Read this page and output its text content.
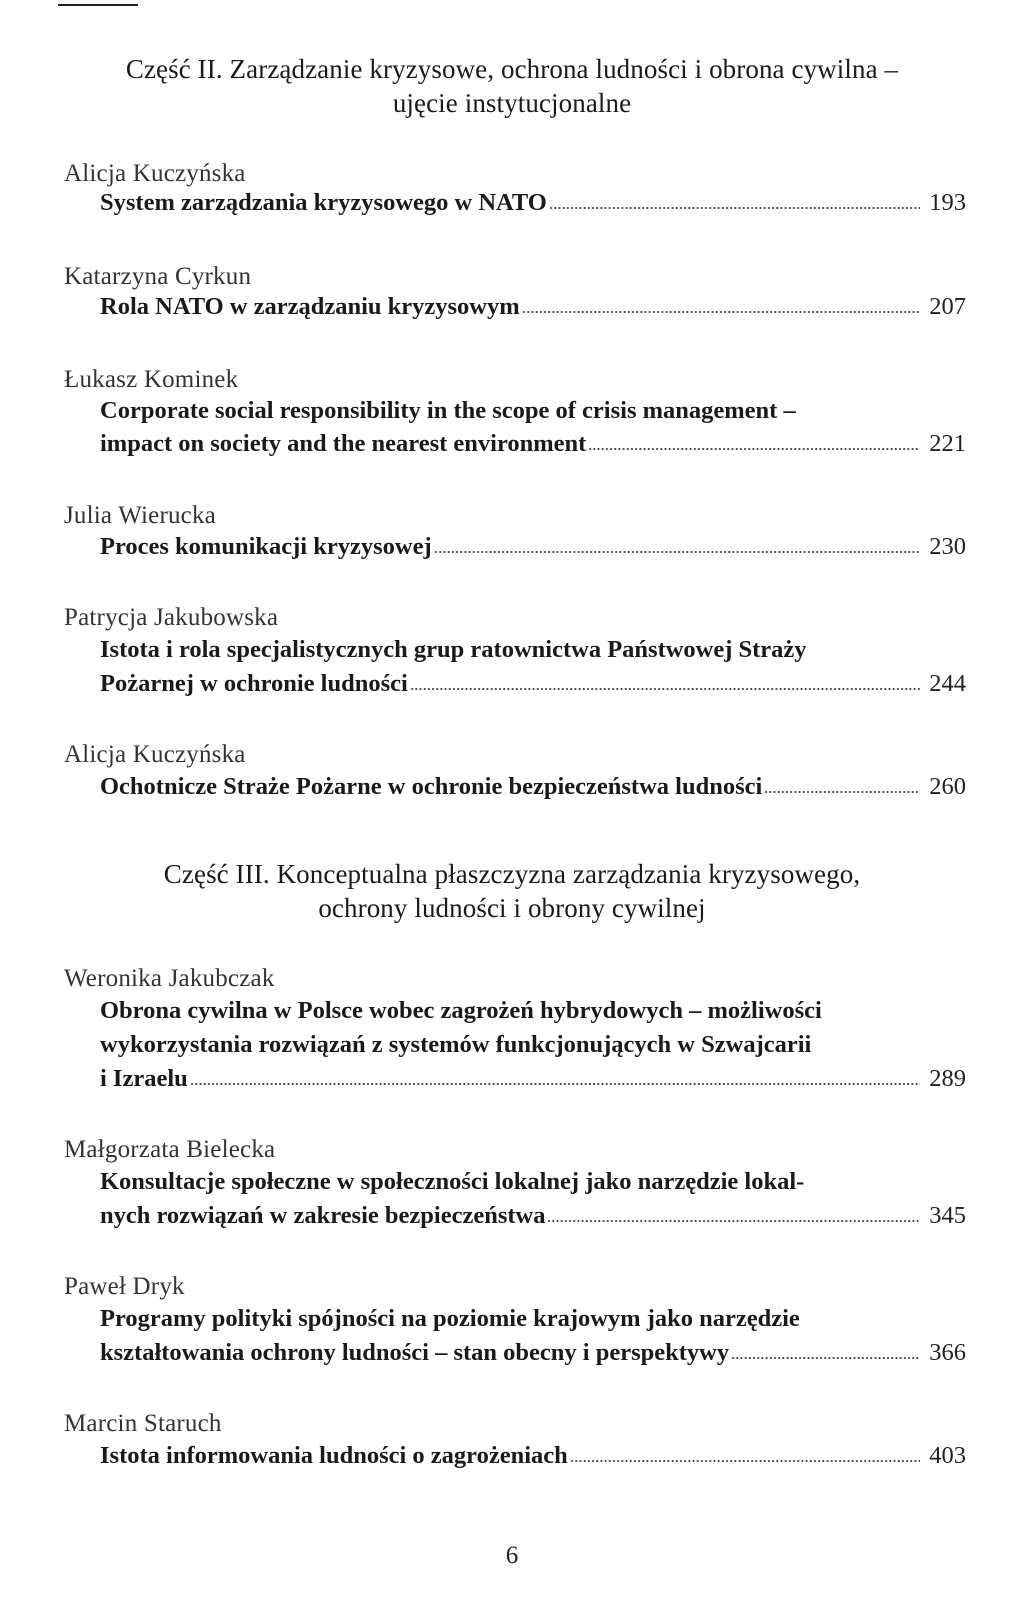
Część II. Zarządzanie kryzysowe, ochrona ludności i obrona cywilna –
ujęcie instytucjonalne
Alicja Kuczyńska
System zarządzania kryzysowego w NATO	193
Katarzyna Cyrkun
Rola NATO w zarządzaniu kryzysowym	207
Łukasz Kominek
Corporate social responsibility in the scope of crisis management –
impact on society and the nearest environment	221
Julia Wierucka
Proces komunikacji kryzysowej	230
Patrycja Jakubowska
Istota i rola specjalistycznych grup ratownictwa Państwowej Straży
Pożarnej w ochronie ludności	244
Alicja Kuczyńska
Ochotnicze Straże Pożarne w ochronie bezpieczeństwa ludności	260
Część III. Konceptualna płaszczyzna zarządzania kryzysowego,
ochrony ludności i obrony cywilnej
Weronika Jakubczak
Obrona cywilna w Polsce wobec zagrożeń hybrydowych – możliwości
wykorzystania rozwiązań z systemów funkcjonujących w Szwajcarii
i Izraelu	289
Małgorzata Bielecka
Konsultacje społeczne w społeczności lokalnej jako narzędzie lokal-
nych rozwiązań w zakresie bezpieczeństwa	345
Paweł Dryk
Programy polityki spójności na poziomie krajowym jako narzędzie
kształtowania ochrony ludności – stan obecny i perspektywy	366
Marcin Staruch
Istota informowania ludności o zagrożeniach	403
6
